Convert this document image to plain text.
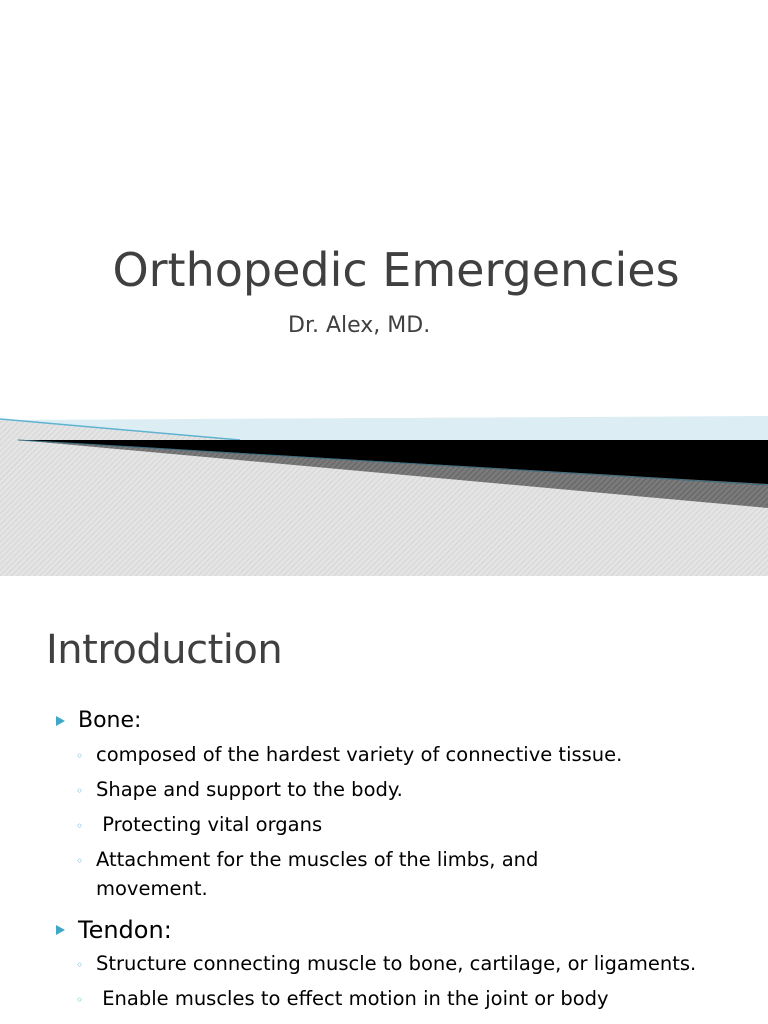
Orthopedic Emergencies
Dr. Alex, MD.
Introduction
Bone:
◦ composed of the hardest variety of connective tissue.
◦ Shape and support to the body.
◦ Protecting vital organs
◦ Attachment for the muscles of the limbs, and movement.
Tendon:
◦ Structure connecting muscle to bone, cartilage, or ligaments.
◦ Enable muscles to effect motion in the joint or body
